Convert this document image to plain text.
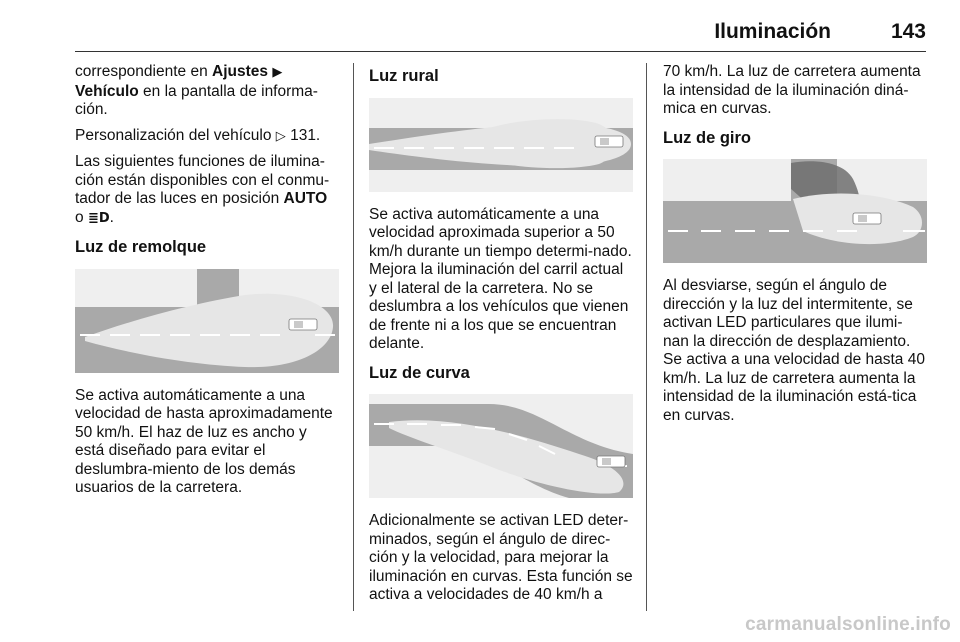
Iluminación	143

correspondiente en Ajustes ▶ Vehículo en la pantalla de informa-ción.

Personalización del vehículo ▷ 131.

Las siguientes funciones de ilumina-ción están disponibles con el conmu-tador de las luces en posición AUTO o ≣D.

Luz de remolque

Se activa automáticamente a una velocidad de hasta aproximadamente 50 km/h. El haz de luz es ancho y está diseñado para evitar el deslumbra-miento de los demás usuarios de la carretera.

Luz rural

Se activa automáticamente a una velocidad aproximada superior a 50 km/h durante un tiempo determi-nado. Mejora la iluminación del carril actual y el lateral de la carretera. No se deslumbra a los vehículos que vienen de frente ni a los que se encuentran delante.

Luz de curva

Adicionalmente se activan LED deter-minados, según el ángulo de direc-ción y la velocidad, para mejorar la iluminación en curvas. Esta función se activa a velocidades de 40 km/h a

70 km/h. La luz de carretera aumenta la intensidad de la iluminación diná-mica en curvas.

Luz de giro

Al desviarse, según el ángulo de dirección y la luz del intermitente, se activan LED particulares que ilumi-nan la dirección de desplazamiento. Se activa a una velocidad de hasta 40 km/h. La luz de carretera aumenta la intensidad de la iluminación está-tica en curvas.

carmanualsonline.info
